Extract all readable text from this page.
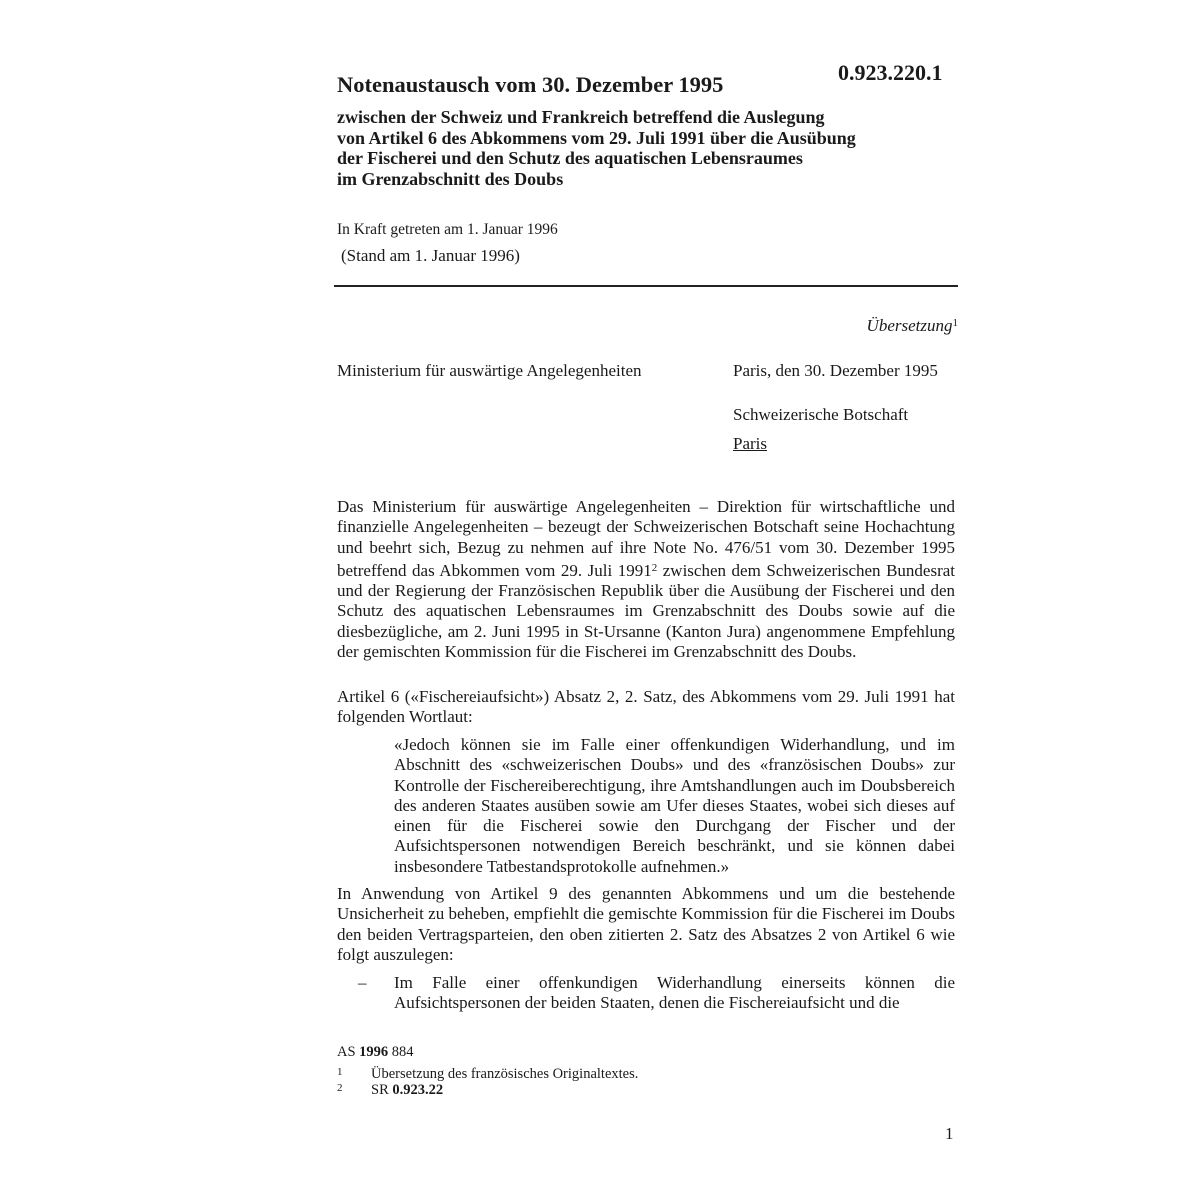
0.923.220.1
Notenaustausch vom 30. Dezember 1995
zwischen der Schweiz und Frankreich betreffend die Auslegung
von Artikel 6 des Abkommens vom 29. Juli 1991 über die Ausübung
der Fischerei und den Schutz des aquatischen Lebensraumes
im Grenzabschnitt des Doubs
In Kraft getreten am 1. Januar 1996
(Stand am 1. Januar 1996)
Übersetzung$^1$
Ministerium für auswärtige Angelegenheiten	Paris, den 30. Dezember 1995
Schweizerische Botschaft
Paris
Das Ministerium für auswärtige Angelegenheiten – Direktion für wirtschaftliche und finanzielle Angelegenheiten – bezeugt der Schweizerischen Botschaft seine Hochachtung und beehrt sich, Bezug zu nehmen auf ihre Note No. 476/51 vom 30. Dezember 1995 betreffend das Abkommen vom 29. Juli 1991$^2$ zwischen dem Schweizerischen Bundesrat und der Regierung der Französischen Republik über die Ausübung der Fischerei und den Schutz des aquatischen Lebensraumes im Grenzabschnitt des Doubs sowie auf die diesbezügliche, am 2. Juni 1995 in St-Ursanne (Kanton Jura) angenommene Empfehlung der gemischten Kommission für die Fischerei im Grenzabschnitt des Doubs.
Artikel 6 («Fischereiaufsicht») Absatz 2, 2. Satz, des Abkommens vom 29. Juli 1991 hat folgenden Wortlaut:
«Jedoch können sie im Falle einer offenkundigen Widerhandlung, und im Abschnitt des «schweizerischen Doubs» und des «französischen Doubs» zur Kontrolle der Fischereiberechtigung, ihre Amtshandlungen auch im Doubsbereich des anderen Staates ausüben sowie am Ufer dieses Staates, wobei sich dieses auf einen für die Fischerei sowie den Durchgang der Fischer und der Aufsichtspersonen notwendigen Bereich beschränkt, und sie können dabei insbesondere Tatbestandsprotokolle aufnehmen.»
In Anwendung von Artikel 9 des genannten Abkommens und um die bestehende Unsicherheit zu beheben, empfiehlt die gemischte Kommission für die Fischerei im Doubs den beiden Vertragsparteien, den oben zitierten 2. Satz des Absatzes 2 von Artikel 6 wie folgt auszulegen:
– Im Falle einer offenkundigen Widerhandlung einerseits können die Aufsichtspersonen der beiden Staaten, denen die Fischereiaufsicht und die
AS 1996 884
1 Übersetzung des französisches Originaltextes.
2 SR 0.923.22
1
